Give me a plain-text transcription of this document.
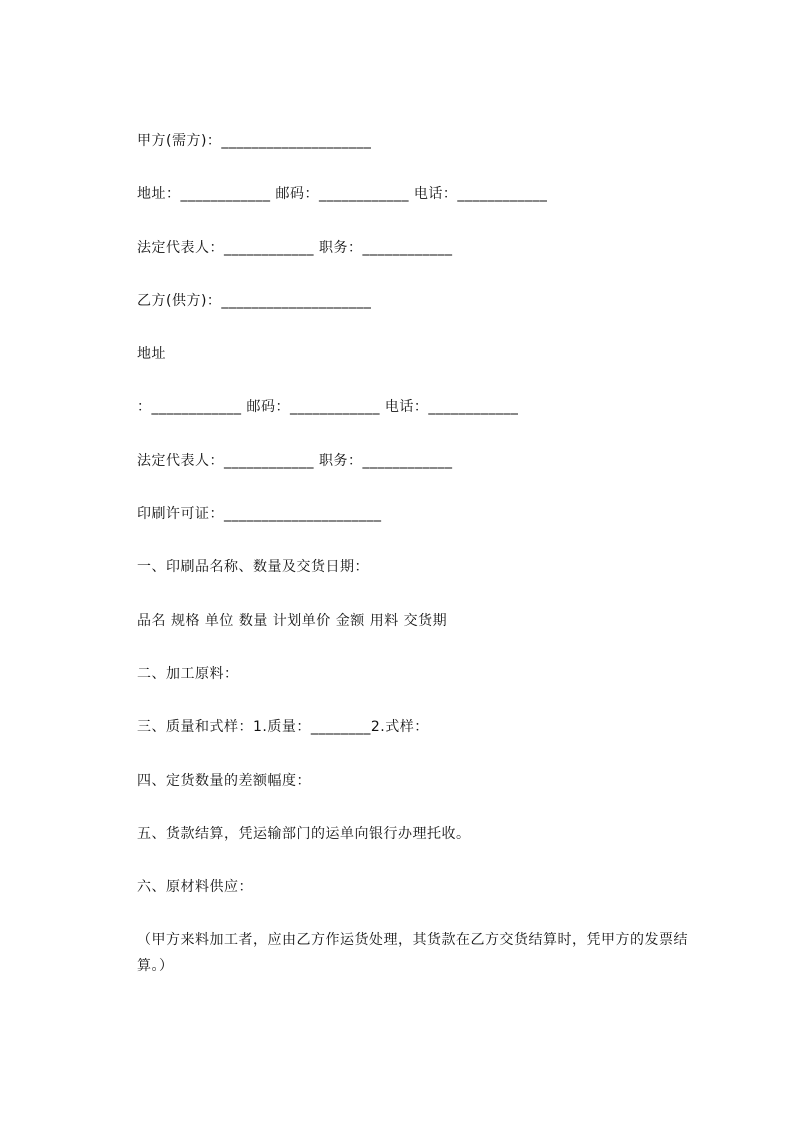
甲方(需方)：____________________
地址：____________ 邮码：____________ 电话：____________
法定代表人：____________ 职务：____________
乙方(供方)：____________________
地址
：____________ 邮码：____________ 电话：____________
法定代表人：____________ 职务：____________
印刷许可证：_____________________
一、印刷品名称、数量及交货日期：
品名 规格 单位 数量 计划单价 金额 用料 交货期
二、加工原料：
三、质量和式样：1.质量：________2.式样：
四、定货数量的差额幅度：
五、货款结算，凭运输部门的运单向银行办理托收。
六、原材料供应：
（甲方来料加工者，应由乙方作运货处理，其货款在乙方交货结算时，凭甲方的发票结算。）
